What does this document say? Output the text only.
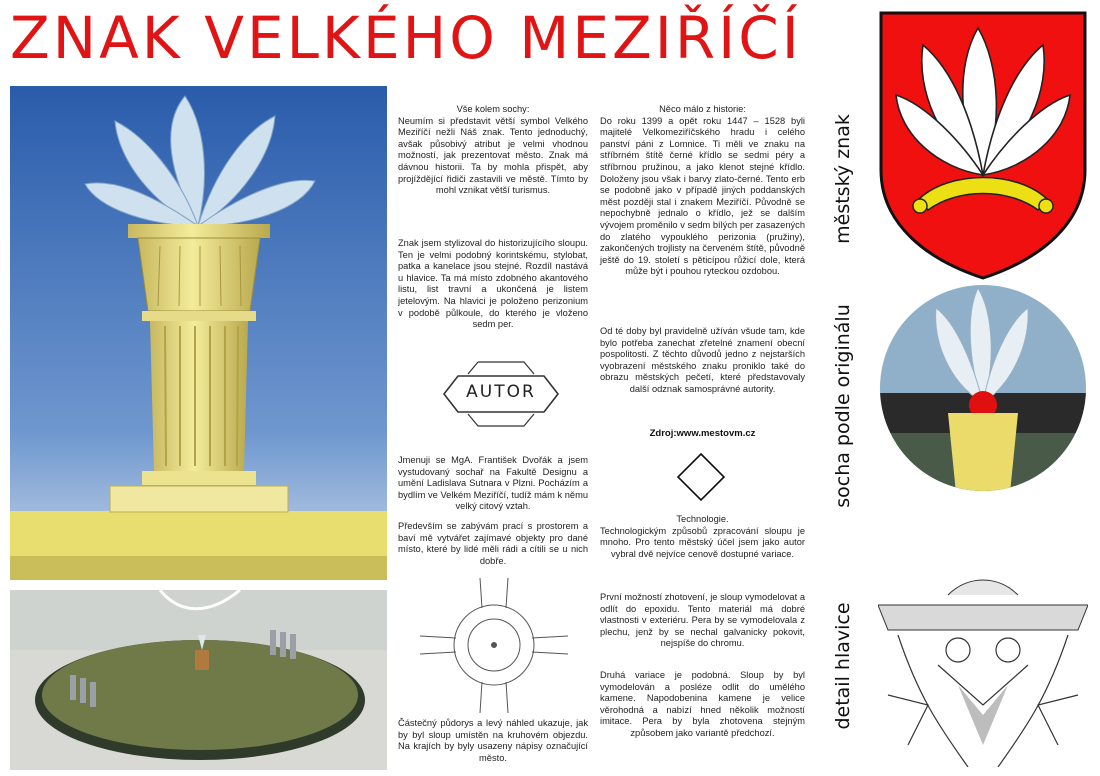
ZNAK VELKÉHO MEZIŘÍČÍ
Vše kolem sochy:
Neumím si představit větší symbol Velkého Meziříčí nežli Náš znak. Tento jednoduchý, avšak působivý atribut je velmi vhodnou možností, jak prezentovat město. Znak má dávnou historii. Ta by mohla přispět, aby projíždějící řidiči zastavili ve městě. Tímto by mohl vznikat větší turismus.
Znak jsem stylizoval do historizujícího sloupu. Ten je velmi podobný korintskému, stylobat, patka a kanelace jsou stejné. Rozdíl nastává u hlavice. Ta má místo zdobného akantového listu, list travní a ukončená je listem jetelovým. Na hlavici je položeno perizonium v podobě půlkoule, do kterého je vloženo sedm per.
AUTOR
Jmenuji se MgA. František Dvořák a jsem vystudovaný sochař na Fakultě Designu a umění Ladislava Sutnara v Plzni. Pocházím a bydlím ve Velkém Meziříčí, tudíž mám k němu velký citový vztah.
Především se zabývám prací s prostorem a baví mě vytvářet zajímavé objekty pro dané místo, které by lidé měli rádi a cítili se u nich dobře.
Částečný půdorys a levý náhled ukazuje, jak by byl sloup umístěn na kruhovém objezdu. Na krajích by byly usazeny nápisy označující město.
Něco málo z historie:
Do roku 1399 a opět roku 1447 – 1528 byli majitelé Velkomeziříčského hradu i celého panství páni z Lomnice. Ti měli ve znaku na stříbrném štítě černé křídlo se sedmi péry a stříbrnou pružinou, a jako klenot stejné křídlo. Doloženy jsou však i barvy zlato-černé. Tento erb se podobně jako v případě jiných poddanských měst později stal i znakem Meziříčí. Původně se nepochybně jednalo o křídlo, jež se dalším vývojem proměnilo v sedm bílých per zasazených do zlatého vypouklého perizonia (pružiny), zakončených trojlisty na červeném štítě, původně ještě do 19. století s pěticípou růžicí dole, která může být i pouhou ryteckou ozdobou.
Od té doby byl pravidelně užíván všude tam, kde bylo potřeba zanechat zřetelné znamení obecní pospolitosti. Z těchto důvodů jedno z nejstarších vyobrazení městského znaku proniklo také do obrazu městských pečetí, které představovaly další odznak samosprávné autority.
Zdroj:www.mestovm.cz
Technologie.
Technologickým způsobů zpracování sloupu je mnoho. Pro tento městský účel jsem jako autor vybral dvě nejvíce cenově dostupné variace.
První možností zhotovení, je sloup vymodelovat a odlít do epoxidu. Tento materiál má dobré vlastnosti v exteriéru. Pera by se vymodelovala z plechu, jenž by se nechal galvanicky pokovit, nejspíše do chromu.
Druhá variace je podobná. Sloup by byl vymodelován a posléze odlit do umělého kamene. Napodobenina kamene je velice věrohodná a nabízí hned několik možností imitace. Pera by byla zhotovena stejným způsobem jako variantě předchozí.
městský znak
socha podle originálu
detail hlavice
